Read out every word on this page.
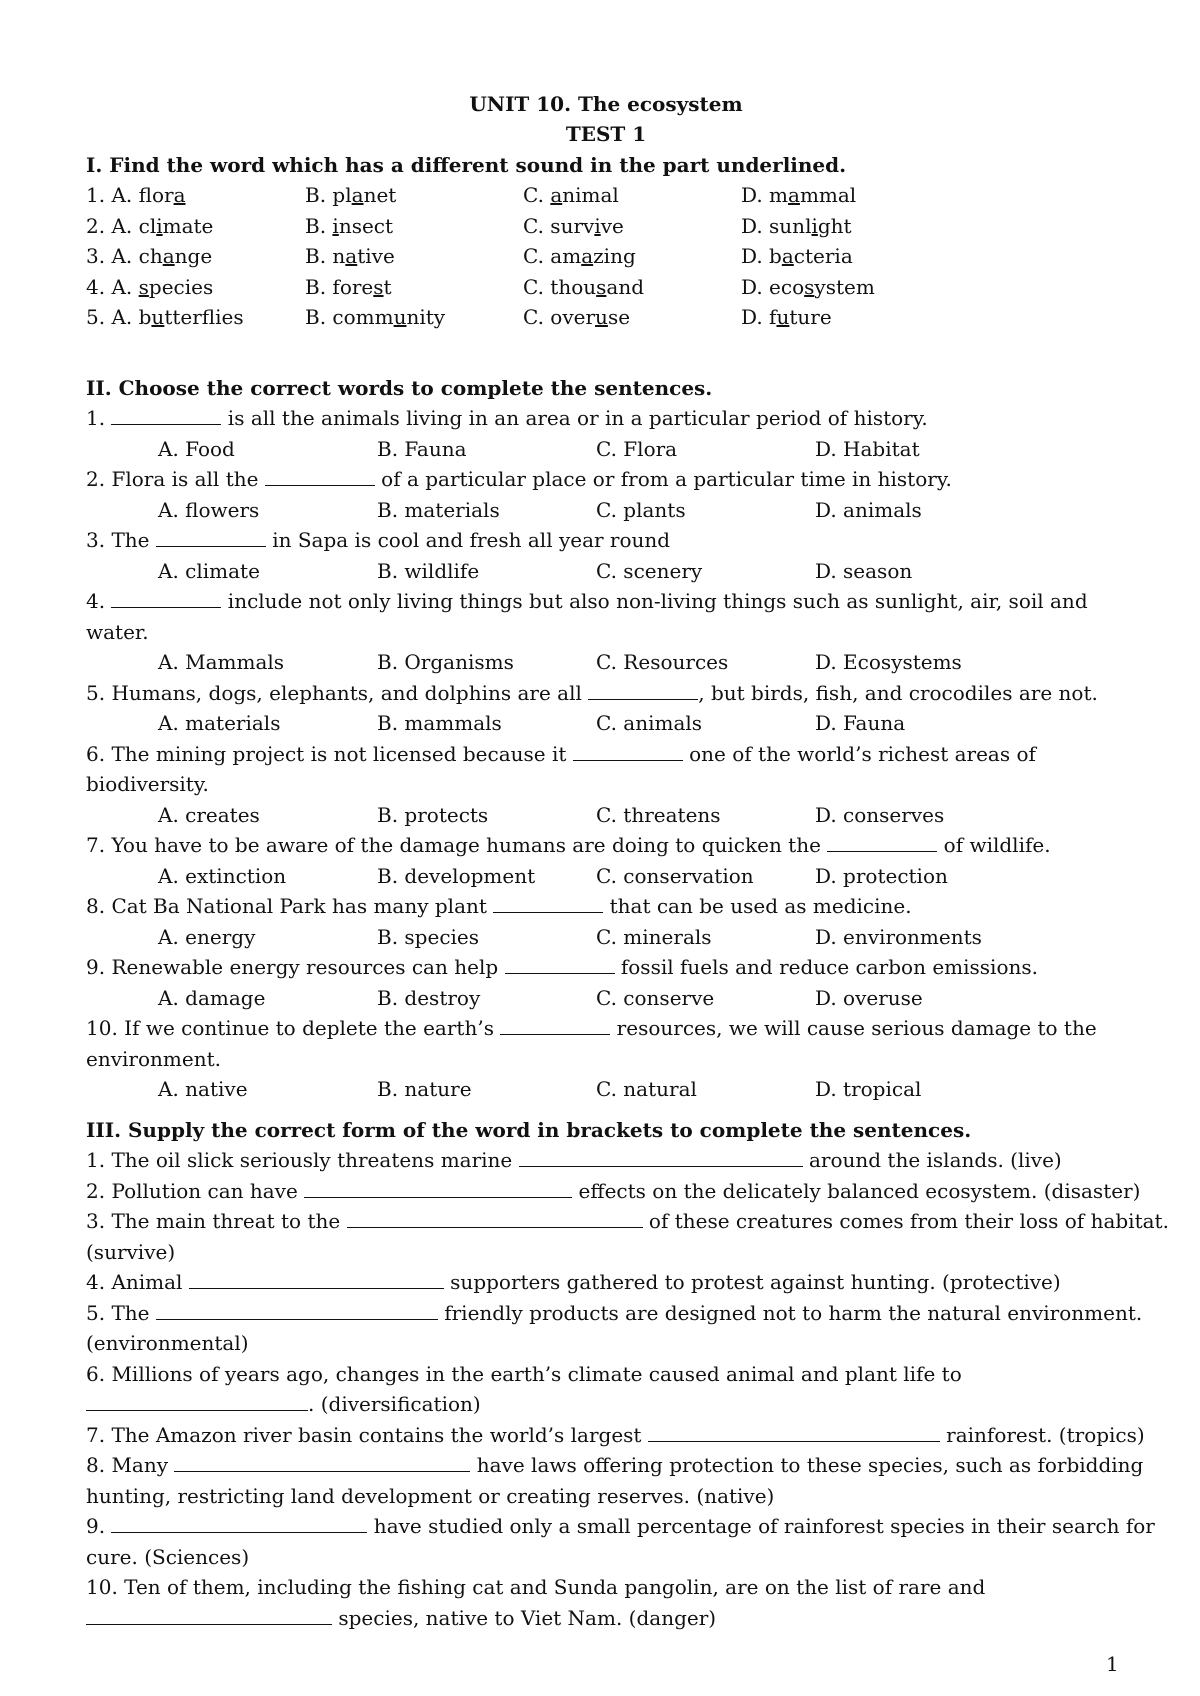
UNIT 10. The ecosystem
TEST 1
I. Find the word which has a different sound in the part underlined.
1. A. flora	B. planet	C. animal	D. mammal
2. A. climate	B. insect	C. survive	D. sunlight
3. A. change	B. native	C. amazing	D. bacteria
4. A. species	B. forest	C. thousand	D. ecosystem
5. A. butterflies	B. community	C. overuse	D. future
II. Choose the correct words to complete the sentences.
1.	is all the animals living in an area or in a particular period of history.
A. Food	B. Fauna	C. Flora	D. Habitat
2. Flora is all the	of a particular place or from a particular time in history.
A. flowers	B. materials	C. plants	D. animals
3. The	in Sapa is cool and fresh all year round
A. climate	B. wildlife	C. scenery	D. season
4.	include not only living things but also non-living things such as sunlight, air, soil and
water.
A. Mammals	B. Organisms	C. Resources	D. Ecosystems
5. Humans, dogs, elephants, and dolphins are all	, but birds, fish, and crocodiles are not.
A. materials	B. mammals	C. animals	D. Fauna
6. The mining project is not licensed because it	one of the world’s richest areas of
biodiversity.
A. creates	B. protects	C. threatens	D. conserves
7. You have to be aware of the damage humans are doing to quicken the	of wildlife.
A. extinction	B. development	C. conservation	D. protection
8. Cat Ba National Park has many plant	that can be used as medicine.
A. energy	B. species	C. minerals	D. environments
9. Renewable energy resources can help	fossil fuels and reduce carbon emissions.
A. damage	B. destroy	C. conserve	D. overuse
10. If we continue to deplete the earth’s	resources, we will cause serious damage to the
environment.
A. native	B. nature	C. natural	D. tropical
III. Supply the correct form of the word in brackets to complete the sentences.
1. The oil slick seriously threatens marine	around the islands. (live)
2. Pollution can have	effects on the delicately balanced ecosystem. (disaster)
3. The main threat to the	of these creatures comes from their loss of habitat.
(survive)
4. Animal	supporters gathered to protest against hunting. (protective)
5. The	friendly products are designed not to harm the natural environment.
(environmental)
6. Millions of years ago, changes in the earth’s climate caused animal and plant life to
. (diversification)
7. The Amazon river basin contains the world’s largest	rainforest. (tropics)
8. Many	have laws offering protection to these species, such as forbidding
hunting, restricting land development or creating reserves. (native)
9.	have studied only a small percentage of rainforest species in their search for
cure. (Sciences)
10. Ten of them, including the fishing cat and Sunda pangolin, are on the list of rare and
species, native to Viet Nam. (danger)
1
